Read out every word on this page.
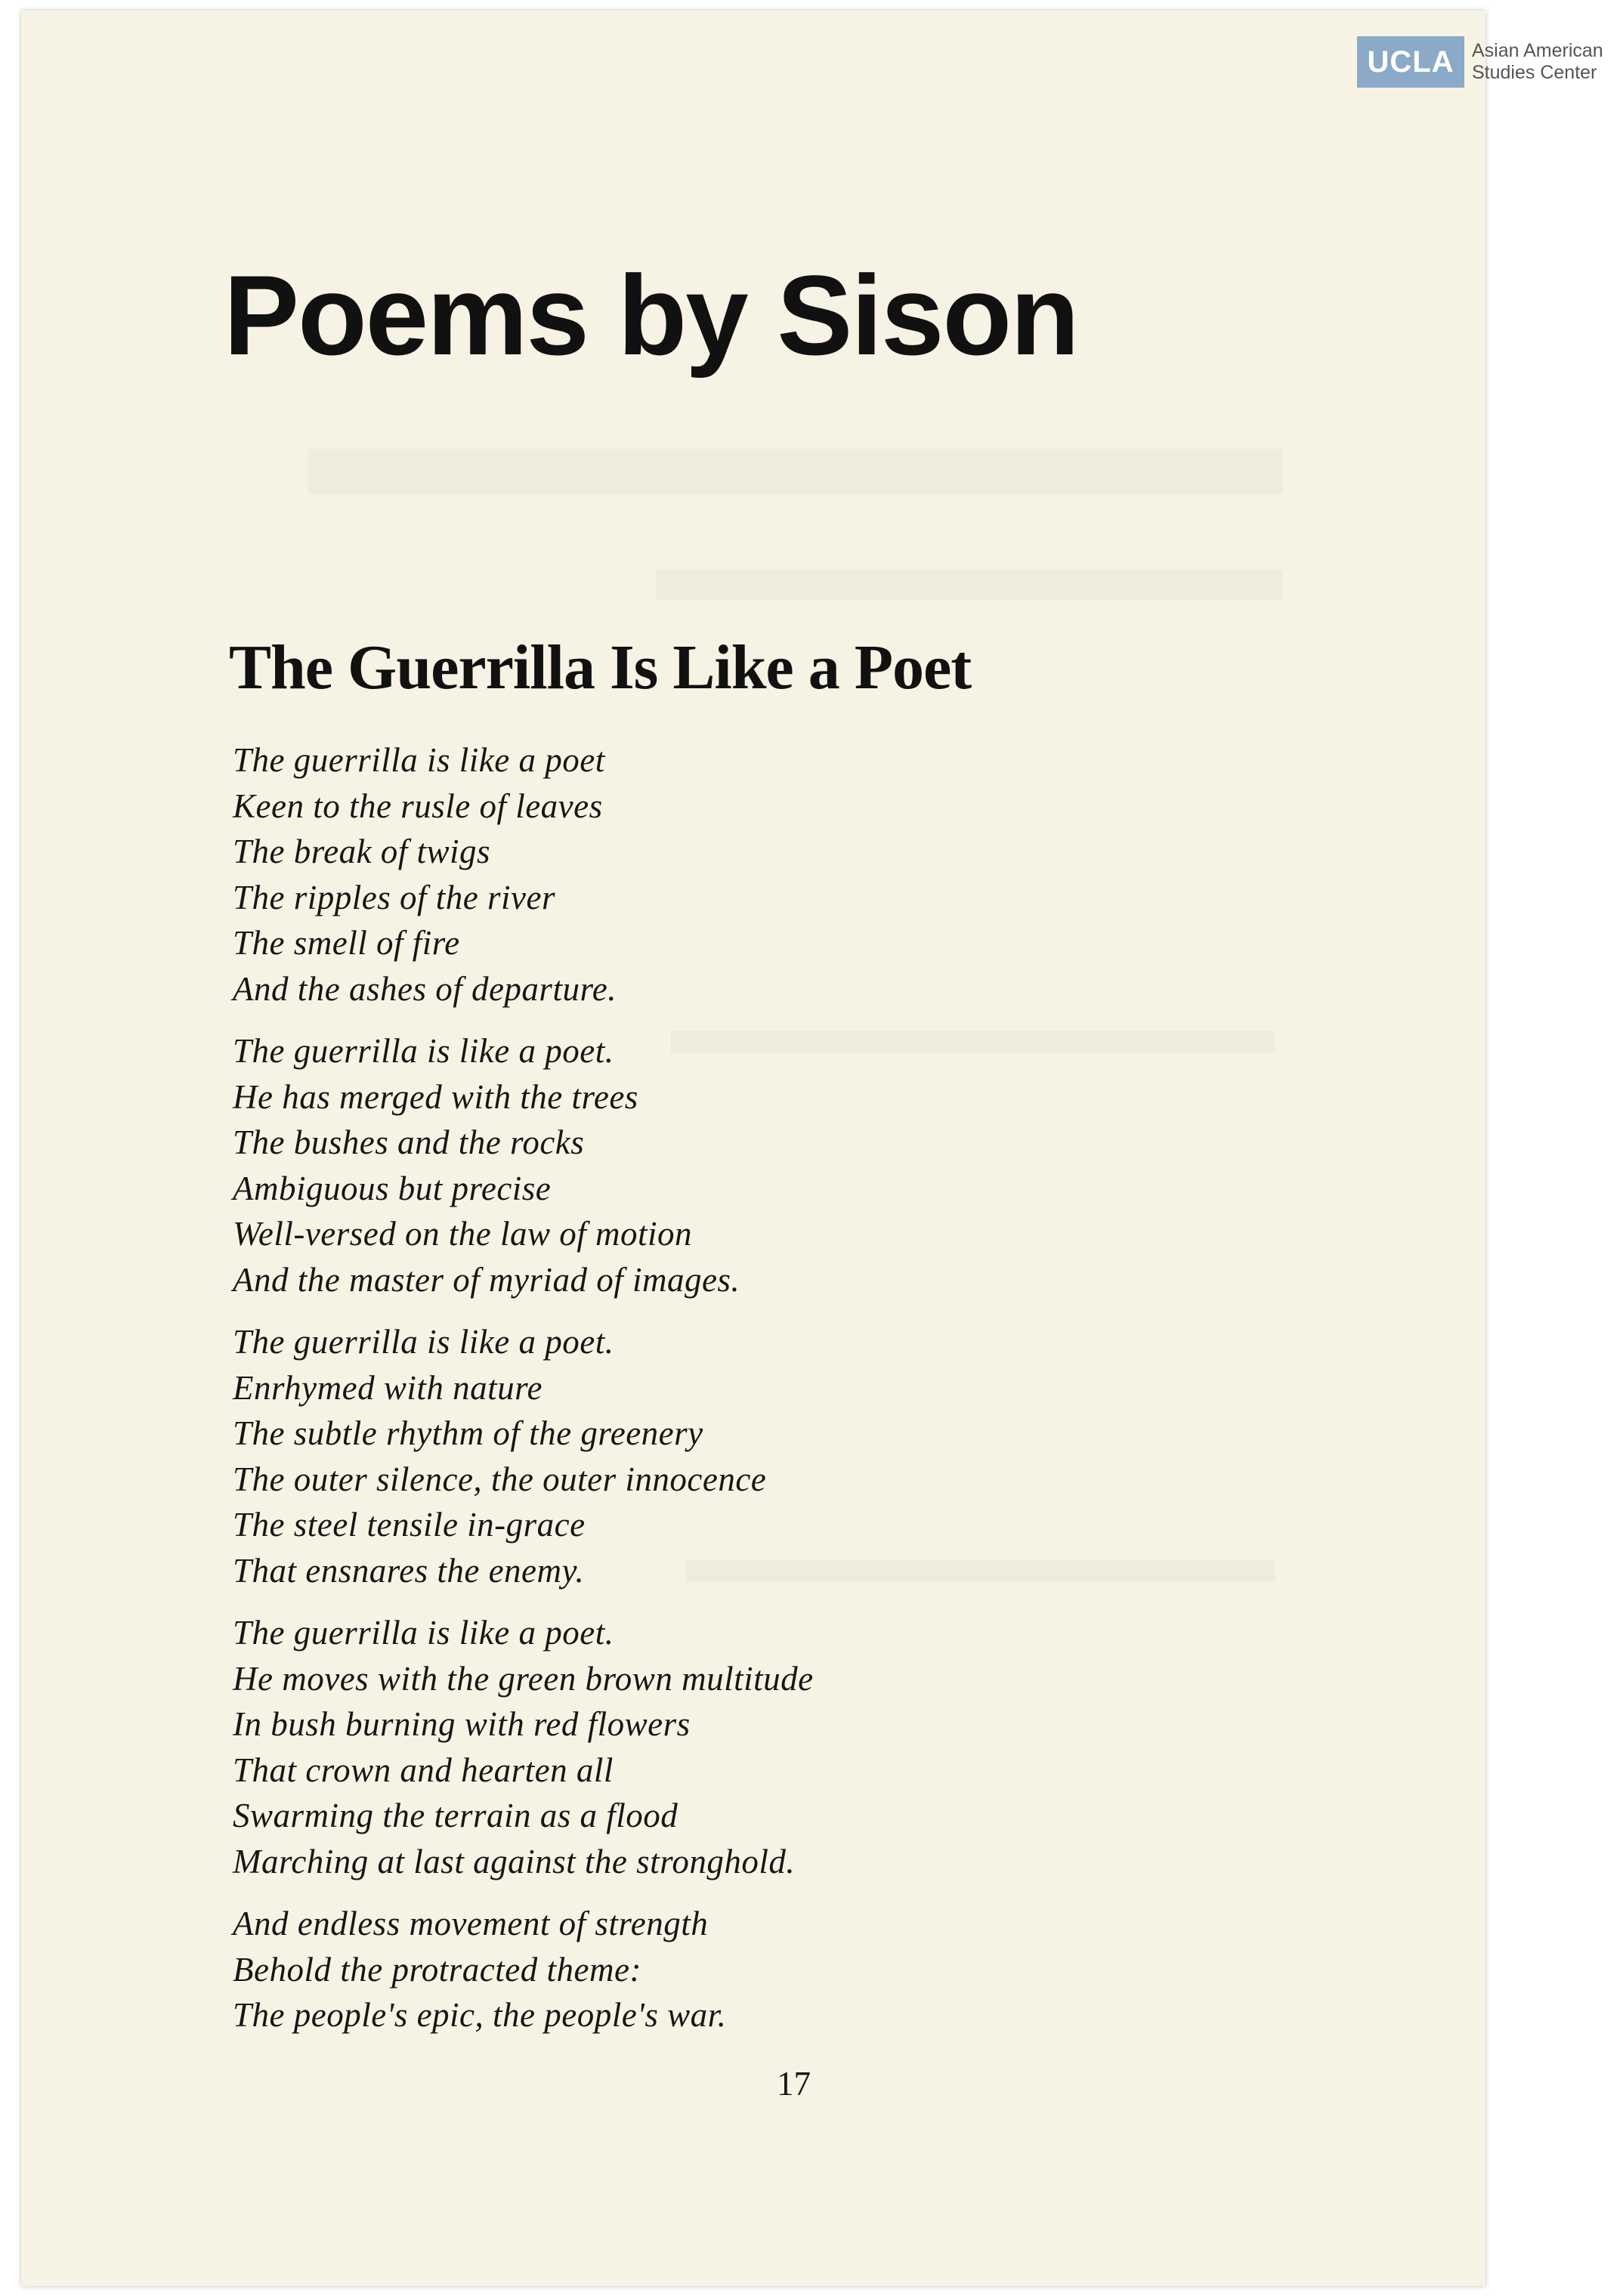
Poems by Sison
The Guerrilla Is Like a Poet
The guerrilla is like a poet
Keen to the rusle of leaves
The break of twigs
The ripples of the river
The smell of fire
And the ashes of departure.
The guerrilla is like a poet.
He has merged with the trees
The bushes and the rocks
Ambiguous but precise
Well-versed on the law of motion
And the master of myriad of images.
The guerrilla is like a poet.
Enrhymed with nature
The subtle rhythm of the greenery
The outer silence, the outer innocence
The steel tensile in-grace
That ensnares the enemy.
The guerrilla is like a poet.
He moves with the green brown multitude
In bush burning with red flowers
That crown and hearten all
Swarming the terrain as a flood
Marching at last against the stronghold.
And endless movement of strength
Behold the protracted theme:
The people's epic, the people's war.
17
UCLA Asian American
Studies Center
